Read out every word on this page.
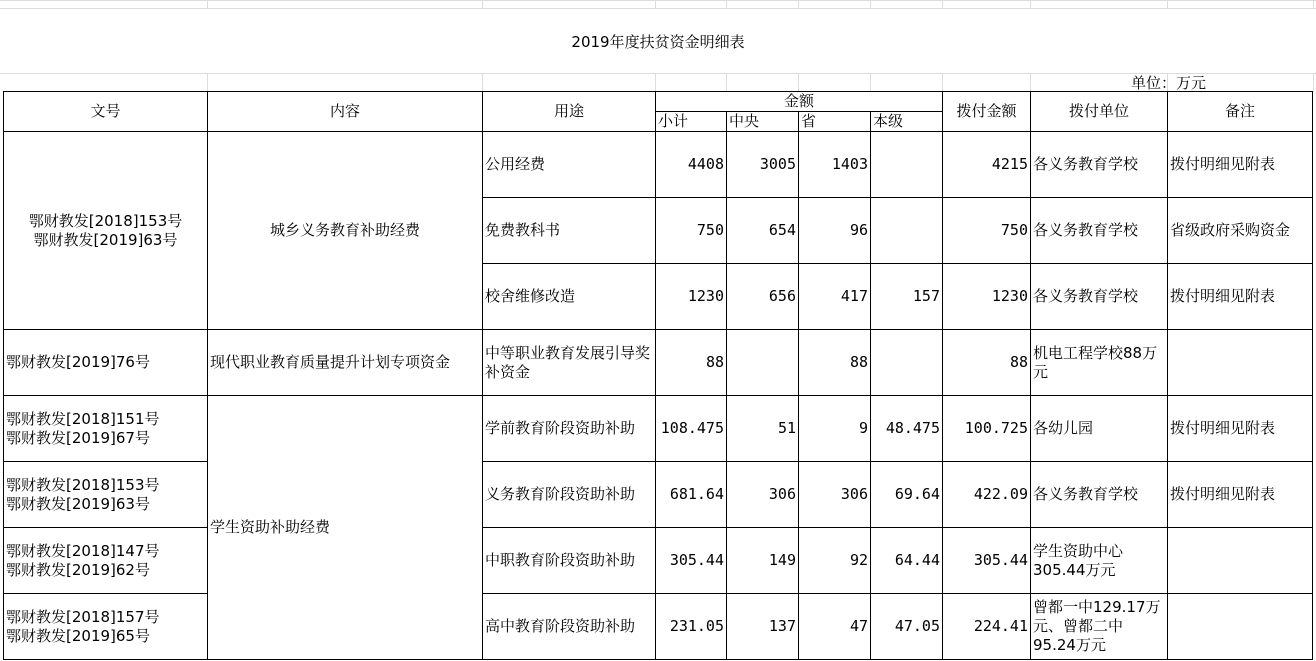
2019年度扶贫资金明细表
单位：万元
文号	内容	用途	金额				拨付金额	拨付单位	备注
			小计	中央	省	本级			
鄂财教发[2018]153号
鄂财教发[2019]63号	城乡义务教育补助经费	公用经费	4408	3005	1403		4215	各义务教育学校	拨付明细见附表
		免费教科书	750	654	96		750	各义务教育学校	省级政府采购资金
		校舍维修改造	1230	656	417	157	1230	各义务教育学校	拨付明细见附表
鄂财教发[2019]76号	现代职业教育质量提升计划专项资金	中等职业教育发展引导奖补资金	88		88		88	机电工程学校88万元	
鄂财教发[2018]151号
鄂财教发[2019]67号	学生资助补助经费	学前教育阶段资助补助	108.475	51	9	48.475	100.725	各幼儿园	拨付明细见附表
鄂财教发[2018]153号
鄂财教发[2019]63号		义务教育阶段资助补助	681.64	306	306	69.64	422.09	各义务教育学校	拨付明细见附表
鄂财教发[2018]147号
鄂财教发[2019]62号		中职教育阶段资助补助	305.44	149	92	64.44	305.44	学生资助中心305.44万元	
鄂财教发[2018]157号
鄂财教发[2019]65号		高中教育阶段资助补助	231.05	137	47	47.05	224.41	曾都一中129.17万元、曾都二中95.24万元	
